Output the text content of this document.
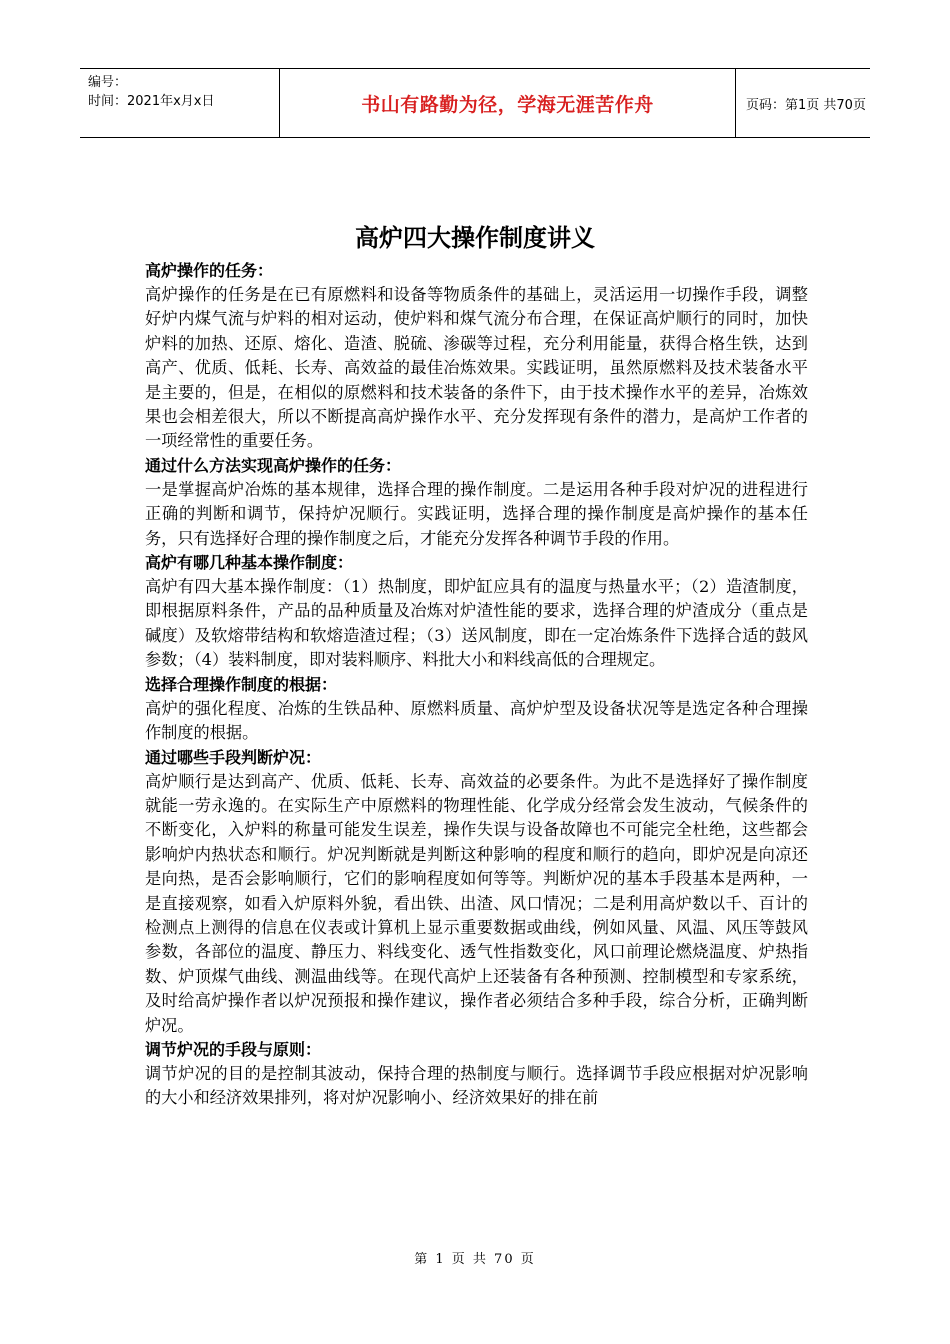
编号：
时间：2021年x月x日	书山有路勤为径，学海无涯苦作舟	页码：第1页 共70页
高炉四大操作制度讲义
高炉操作的任务：

高炉操作的任务是在已有原燃料和设备等物质条件的基础上，灵活运用一切操作手段，调整好炉内煤气流与炉料的相对运动，使炉料和煤气流分布合理，在保证高炉顺行的同时，加快炉料的加热、还原、熔化、造渣、脱硫、渗碳等过程，充分利用能量，获得合格生铁，达到高产、优质、低耗、长寿、高效益的最佳冶炼效果。实践证明，虽然原燃料及技术装备水平是主要的，但是，在相似的原燃料和技术装备的条件下，由于技术操作水平的差异，冶炼效果也会相差很大，所以不断提高高炉操作水平、充分发挥现有条件的潜力，是高炉工作者的一项经常性的重要任务。

通过什么方法实现高炉操作的任务：

一是掌握高炉冶炼的基本规律，选择合理的操作制度。二是运用各种手段对炉况的进程进行正确的判断和调节，保持炉况顺行。实践证明，选择合理的操作制度是高炉操作的基本任务，只有选择好合理的操作制度之后，才能充分发挥各种调节手段的作用。

高炉有哪几种基本操作制度：

高炉有四大基本操作制度：（1）热制度，即炉缸应具有的温度与热量水平；（2）造渣制度，即根据原料条件，产品的品种质量及冶炼对炉渣性能的要求，选择合理的炉渣成分（重点是碱度）及软熔带结构和软熔造渣过程；（3）送风制度，即在一定冶炼条件下选择合适的鼓风参数；（4）装料制度，即对装料顺序、料批大小和料线高低的合理规定。

选择合理操作制度的根据：

高炉的强化程度、冶炼的生铁品种、原燃料质量、高炉炉型及设备状况等是选定各种合理操作制度的根据。

通过哪些手段判断炉况：

高炉顺行是达到高产、优质、低耗、长寿、高效益的必要条件。为此不是选择好了操作制度就能一劳永逸的。在实际生产中原燃料的物理性能、化学成分经常会发生波动，气候条件的不断变化，入炉料的称量可能发生误差，操作失误与设备故障也不可能完全杜绝，这些都会影响炉内热状态和顺行。炉况判断就是判断这种影响的程度和顺行的趋向，即炉况是向凉还是向热，是否会影响顺行，它们的影响程度如何等等。判断炉况的基本手段基本是两种，一是直接观察，如看入炉原料外貌，看出铁、出渣、风口情况；二是利用高炉数以千、百计的检测点上测得的信息在仪表或计算机上显示重要数据或曲线，例如风量、风温、风压等鼓风参数，各部位的温度、静压力、料线变化、透气性指数变化，风口前理论燃烧温度、炉热指数、炉顶煤气曲线、测温曲线等。在现代高炉上还装备有各种预测、控制模型和专家系统，及时给高炉操作者以炉况预报和操作建议，操作者必须结合多种手段，综合分析，正确判断炉况。

调节炉况的手段与原则：

调节炉况的目的是控制其波动，保持合理的热制度与顺行。选择调节手段应根据对炉况影响的大小和经济效果排列，将对炉况影响小、经济效果好的排在前

第 1 页 共 70 页
